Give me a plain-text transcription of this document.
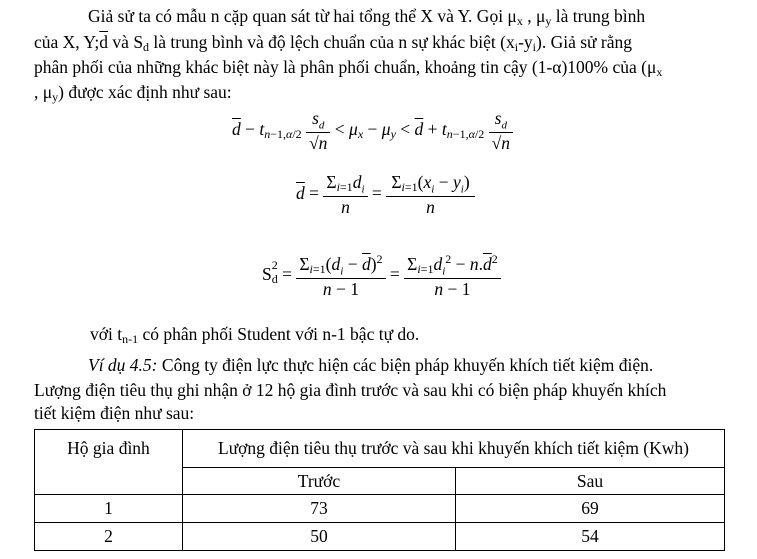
Giả sử ta có mẫu n cặp quan sát từ hai tổng thể X và Y. Gọi $\mu_x$ , $\mu_y$ là trung bình
của X, $Y;\overline{d}$ và $S_d$ là trung bình và độ lệch chuẩn của n sự khác biệt $(x_i-y_i)$. Giả sử rằng
phân phối của những khác biệt này là phân phối chuẩn, khoảng tin cậy (1-α)100% của ($\mu_x$
, $\mu_y$) được xác định như sau:
$\overline{d} - t_{n-1,\alpha/2} \frac{s_d}{√n} < \mu_x - \mu_y < \overline{d} + t_{n-1,\alpha/2} \frac{s_d}{√n}$
$\overline{d} = \frac{\Sigma_{i=1}d_i}{n} = \frac{\Sigma_{i=1}(x_i - y_i)}{n}$
S $_{2 d} = \frac{\Sigma_{i=1}(d_i - \overline{d})^2}{n - 1} = \frac{\Sigma_{i=1}d_i^2 - n.\overline{d}^2}{n - 1}$
với $t_{n-1}$ có phân phối Student với n-1 bậc tự do.
Ví dụ 4.5: Công ty điện lực thực hiện các biện pháp khuyến khích tiết kiệm điện.
Lượng điện tiêu thụ ghi nhận ở 12 hộ gia đình trước và sau khi có biện pháp khuyến khích
tiết kiệm điện như sau:
Hộ gia đình	Lượng điện tiêu thụ trước và sau khi khuyến khích tiết kiệm (Kwh)	
	Trước	Sau
1	73	69
2	50	54
